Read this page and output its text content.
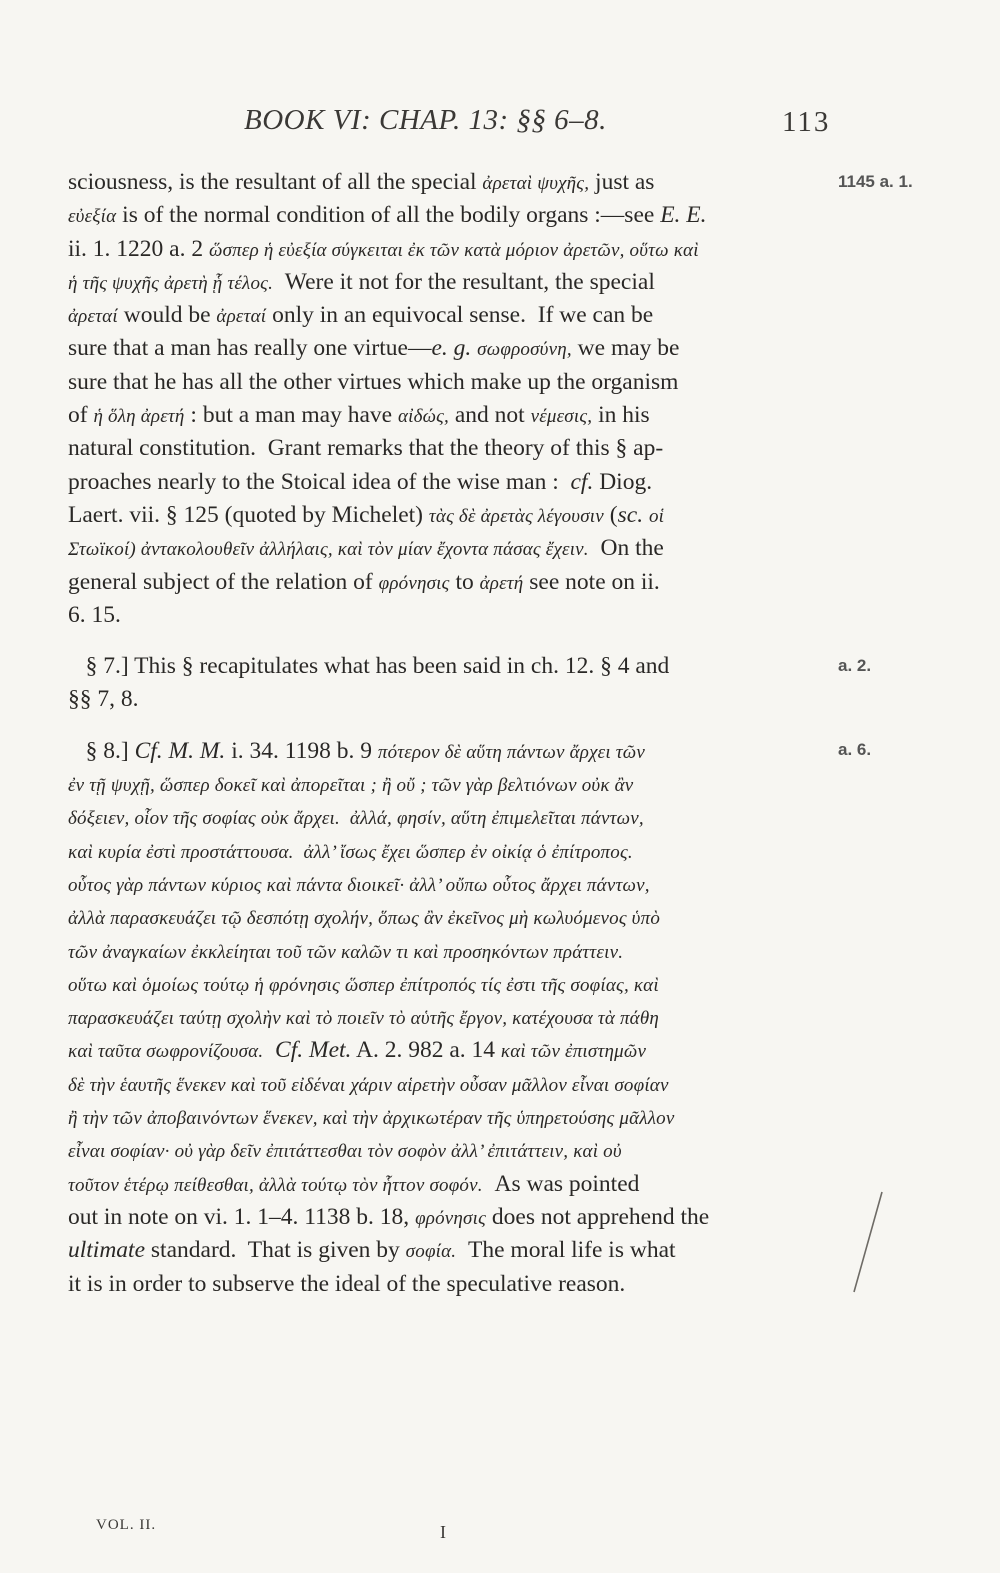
BOOK VI: CHAP. 13: §§ 6–8.	113
sciousness, is the resultant of all the special ἀρεταὶ ψυχῆς, just as
εὐεξία is of the normal condition of all the bodily organs :—see E. E.
ii. 1. 1220 a. 2 ὥσπερ ἡ εὐεξία σύγκειται ἐκ τῶν κατὰ μόριον ἀρετῶν, οὕτω καὶ
ἡ τῆς ψυχῆς ἀρετὴ ᾗ τέλος.  Were it not for the resultant, the special
ἀρεταί would be ἀρεταί only in an equivocal sense.  If we can be
sure that a man has really one virtue—e. g. σωφροσύνη, we may be
sure that he has all the other virtues which make up the organism
of ἡ ὅλη ἀρετή : but a man may have αἰδώς, and not νέμεσις, in his
natural constitution.  Grant remarks that the theory of this § ap-
proaches nearly to the Stoical idea of the wise man :  cf. Diog.
Laert. vii. § 125 (quoted by Michelet) τὰς δὲ ἀρετὰς λέγουσιν (sc. οἱ
Στωϊκοί) ἀντακολουθεῖν ἀλλήλαις, καὶ τὸν μίαν ἔχοντα πάσας ἔχειν.  On the
general subject of the relation of φρόνησις to ἀρετή see note on ii.
6. 15.
§ 7.] This § recapitulates what has been said in ch. 12. § 4 and
§§ 7, 8.
§ 8.] Cf. M. M. i. 34. 1198 b. 9 πότερον δὲ αὕτη πάντων ἄρχει τῶν
ἐν τῇ ψυχῇ, ὥσπερ δοκεῖ καὶ ἀπορεῖται ; ἢ οὔ ; τῶν γὰρ βελτιόνων οὐκ ἂν
δόξειεν, οἷον τῆς σοφίας οὐκ ἄρχει.  ἀλλά, φησίν, αὕτη ἐπιμελεῖται πάντων,
καὶ κυρία ἐστὶ προστάττουσα.  ἀλλ’ ἴσως ἔχει ὥσπερ ἐν οἰκίᾳ ὁ ἐπίτροπος.
οὗτος γὰρ πάντων κύριος καὶ πάντα διοικεῖ· ἀλλ’ οὔπω οὗτος ἄρχει πάντων,
ἀλλὰ παρασκευάζει τῷ δεσπότῃ σχολήν, ὅπως ἂν ἐκεῖνος μὴ κωλυόμενος ὑπὸ
τῶν ἀναγκαίων ἐκκλείηται τοῦ τῶν καλῶν τι καὶ προσηκόντων πράττειν.
οὕτω καὶ ὁμοίως τούτῳ ἡ φρόνησις ὥσπερ ἐπίτροπός τίς ἐστι τῆς σοφίας, καὶ
παρασκευάζει ταύτῃ σχολὴν καὶ τὸ ποιεῖν τὸ αὑτῆς ἔργον, κατέχουσα τὰ πάθη
καὶ ταῦτα σωφρονίζουσα. Cf. Met. A. 2. 982 a. 14 καὶ τῶν ἐπιστημῶν
δὲ τὴν ἑαυτῆς ἕνεκεν καὶ τοῦ εἰδέναι χάριν αἱρετὴν οὖσαν μᾶλλον εἶναι σοφίαν
ἢ τὴν τῶν ἀποβαινόντων ἕνεκεν, καὶ τὴν ἀρχικωτέραν τῆς ὑπηρετούσης μᾶλλον
εἶναι σοφίαν· οὐ γὰρ δεῖν ἐπιτάττεσθαι τὸν σοφὸν ἀλλ’ ἐπιτάττειν, καὶ οὐ
τοῦτον ἑτέρῳ πείθεσθαι, ἀλλὰ τούτῳ τὸν ἧττον σοφόν.  As was pointed
out in note on vi. 1. 1–4. 1138 b. 18, φρόνησις does not apprehend the
ultimate standard.  That is given by σοφία.  The moral life is what
it is in order to subserve the ideal of the speculative reason.
1145 a. 1.
a. 2.
a. 6.
VOL. II.	I
